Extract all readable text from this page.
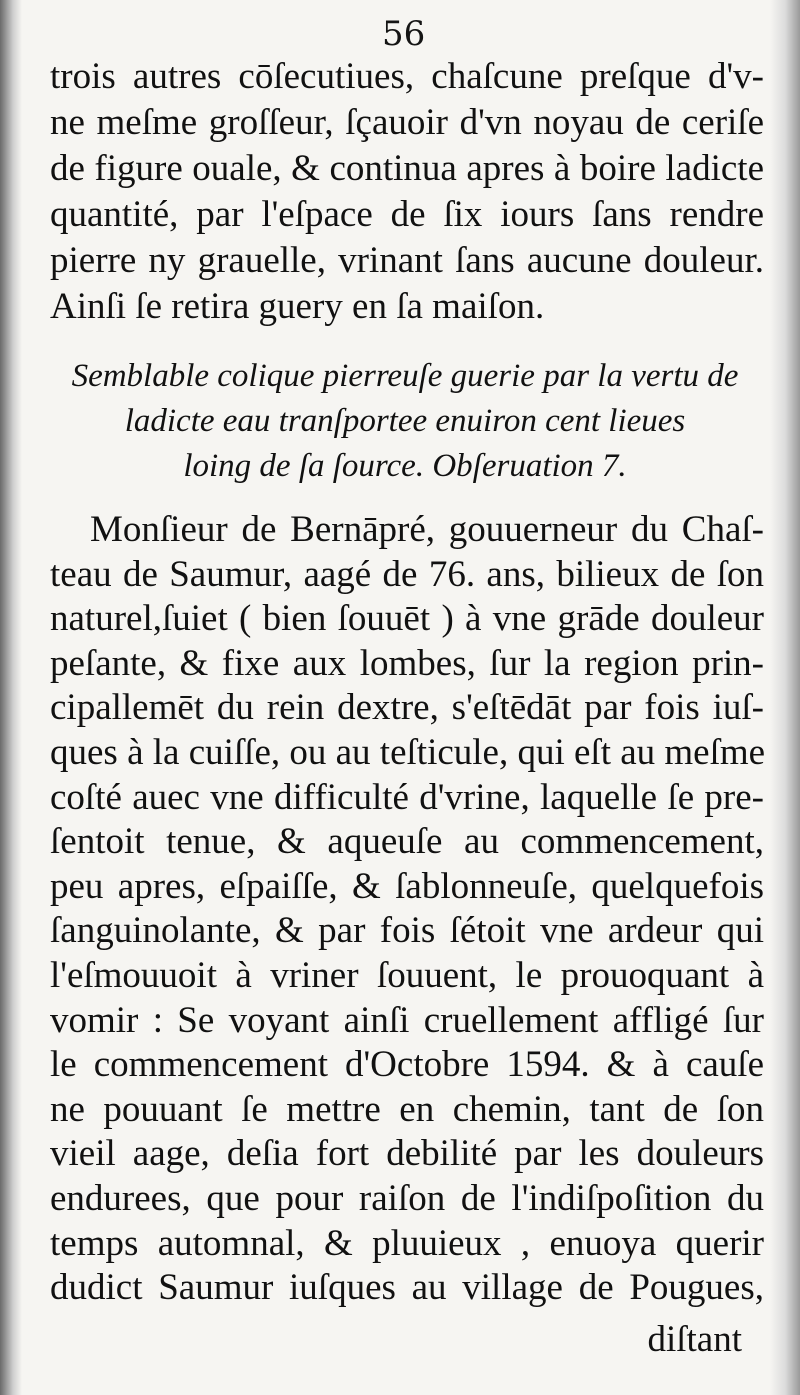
56
trois autres cōſecutiues, chaſcune preſque d'v-
ne meſme groſſeur, ſçauoir d'vn noyau de ceriſe
de figure ouale, & continua apres à boire ladicte
quantité, par l'eſpace de ſix iours ſans rendre
pierre ny grauelle, vrinant ſans aucune douleur.
Ainſi ſe retira guery en ſa maiſon.
Semblable colique pierreuſe guerie par la vertu de
ladicte eau tranſportee enuiron cent lieues
loing de ſa ſource. Obſeruation 7.
Monſieur de Bernāpré, gouuerneur du Chaſ-
teau de Saumur, aagé de 76. ans, bilieux de ſon
naturel,ſuiet ( bien ſouuēt ) à vne grāde douleur
peſante, & fixe aux lombes, ſur la region prin-
cipallemēt du rein dextre, s'eſtēdāt par fois iuſ-
ques à la cuiſſe, ou au teſticule, qui eſt au meſme
coſté auec vne difficulté d'vrine, laquelle ſe pre-
ſentoit tenue, & aqueuſe au commencement,
peu apres, eſpaiſſe, & ſablonneuſe, quelquefois
ſanguinolante, & par fois ſétoit vne ardeur qui
l'eſmouuoit à vriner ſouuent, le prouoquant à
vomir : Se voyant ainſi cruellement affligé ſur
le commencement d'Octobre 1594. & à cauſe
ne pouuant ſe mettre en chemin, tant de ſon
vieil aage, deſia fort debilité par les douleurs
endurees, que pour raiſon de l'indiſpoſition du
temps automnal, & pluuieux , enuoya querir
dudict Saumur iuſques au village de Pougues,
diſtant
